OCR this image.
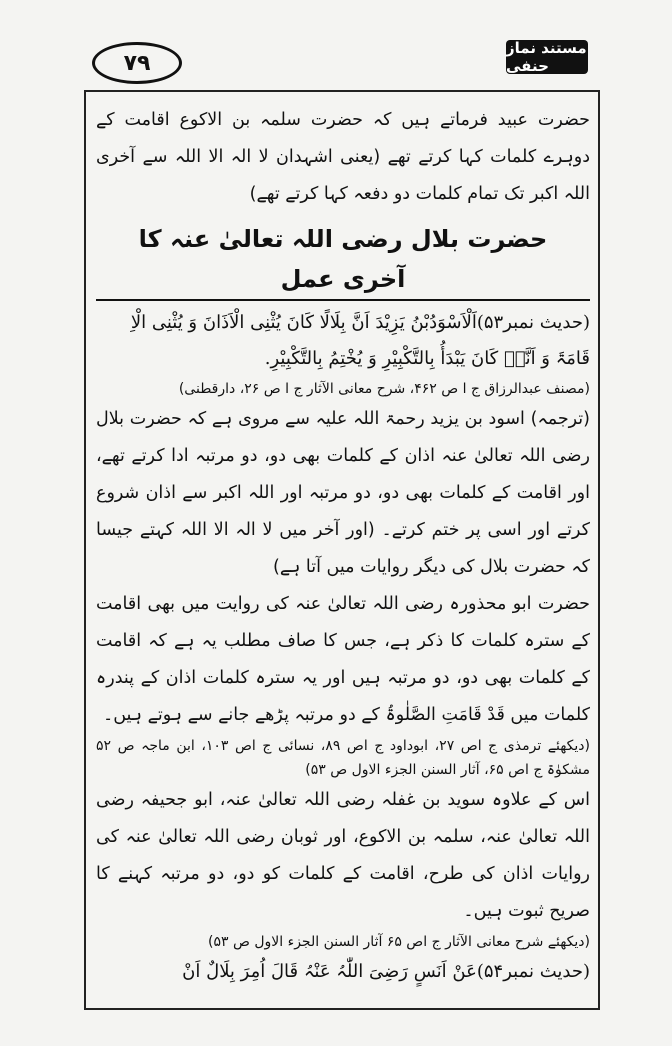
۷۹
مستند نماز حنفی

حضرت عبید فرماتے ہیں کہ حضرت سلمہ بن الاکوع اقامت کے دوہرے کلمات کہا کرتے تھے (یعنی اشہدان لا الہ الا اللہ سے آخری اللہ اکبر تک تمام کلمات دو دفعہ کہا کرتے تھے)

حضرت بلال رضی اللہ تعالیٰ عنہ کا آخری عمل

(حدیث نمبر۵۳)اَلْاَسْوَدُبْنُ یَزِیْدَ اَنَّ بِلَالًا کَانَ یُثْنِی الْاَذَانَ وَ یُثْنِی الْاِ قَامَۃَ وَ اَنَّہٗ کَانَ یَبْدَأُ بِالتَّکْبِیْرِ وَ یُخْتِمُ بِالتَّکْبِیْرِ.

(مصنف عبدالرزاق ج ا ص ۴۶۲، شرح معانی الآثار ج ا ص ۲۶، دارقطنی)

(ترجمہ) اسود بن یزید رحمۃ اللہ علیہ سے مروی ہے کہ حضرت بلال رضی اللہ تعالیٰ عنہ اذان کے کلمات بھی دو، دو مرتبہ ادا کرتے تھے، اور اقامت کے کلمات بھی دو، دو مرتبہ اور اللہ اکبر سے اذان شروع کرتے اور اسی پر ختم کرتے۔ (اور آخر میں لا الہ الا اللہ کہتے جیسا کہ حضرت بلال کی دیگر روایات میں آتا ہے)

حضرت ابو محذورہ رضی اللہ تعالیٰ عنہ کی روایت میں بھی اقامت کے سترہ کلمات کا ذکر ہے، جس کا صاف مطلب یہ ہے کہ اقامت کے کلمات بھی دو، دو مرتبہ ہیں اور یہ سترہ کلمات اذان کے پندرہ کلمات میں قَدْ قَامَتِ الصَّلٰوۃُ کے دو مرتبہ پڑھے جانے سے ہوتے ہیں۔

(دیکھئے ترمذی ج اص ۲۷، ابوداود ج اص ۸۹، نسائی ج اص ۱۰۳، ابن ماجہ ص ۵۲ مشکوٰۃ ج اص ۶۵، آثار السنن الجزء الاول ص ۵۳)

اس کے علاوہ سوید بن غفلہ رضی اللہ تعالیٰ عنہ، ابو جحیفہ رضی اللہ تعالیٰ عنہ، سلمہ بن الاکوع، اور ثوبان رضی اللہ تعالیٰ عنہ کی روایات اذان کی طرح، اقامت کے کلمات کو دو، دو مرتبہ کہنے کا صریح ثبوت ہیں۔

(دیکھئے شرح معانی الآثار ج اص ۶۵ آثار السنن الجزء الاول ص ۵۳)

(حدیث نمبر۵۴)عَنْ اَنَسٍ رَضِیَ اللّٰہُ عَنْہُ قَالَ اُمِرَ بِلَالٌ اَنْ
